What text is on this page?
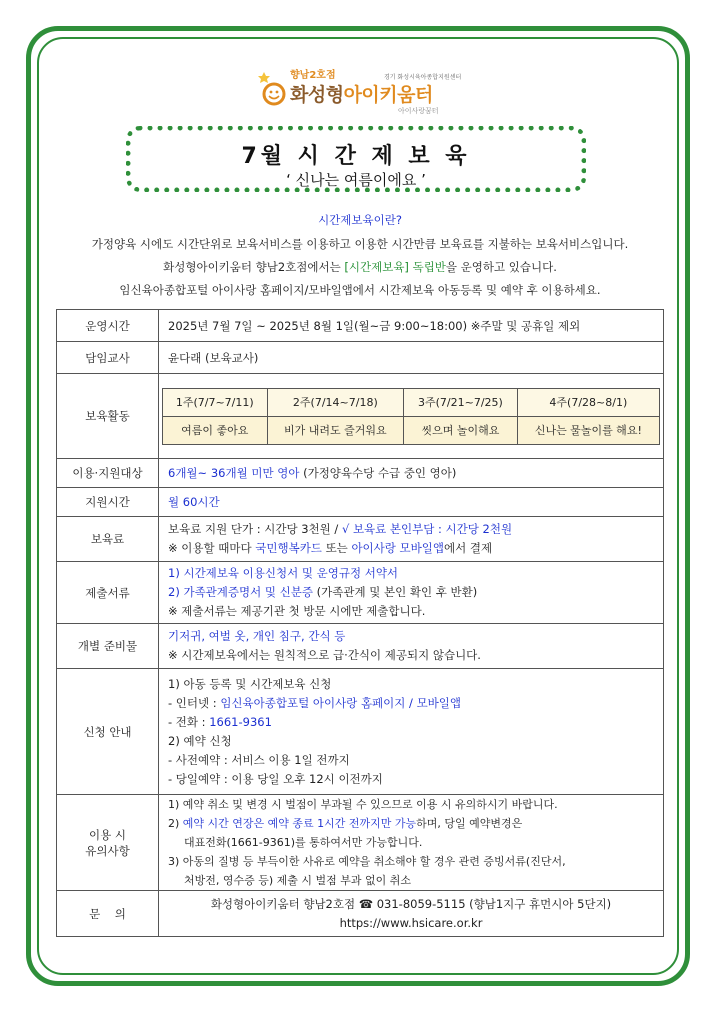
향남2호점
화성형아이키움터
아이사랑꿈터
경기 화성시육아종합지원센터
7월 시 간 제 보 육
‘ 신나는 여름이에요 ’
시간제보육이란?
가정양육 시에도 시간단위로 보육서비스를 이용하고 이용한 시간만큼 보육료를 지불하는 보육서비스입니다.
화성형아이키움터 향남2호점에서는 [시간제보육] 독립반을 운영하고 있습니다.
임신육아종합포털 아이사랑 홈페이지/모바일앱에서 시간제보육 아동등록 및 예약 후 이용하세요.
운영시간	2025년 7월 7일 ~ 2025년 8월 1일(월~금 9:00~18:00) ※주말 및 공휴일 제외
담임교사	윤다래 (보육교사)
보육활동	
1주(7/7~7/11)	2주(7/14~7/18)	3주(7/21~7/25)	4주(7/28~8/1)
여름이 좋아요	비가 내려도 즐거워요	씻으며 놀이해요	신나는 물놀이를 해요!

이용·지원대상	6개월~ 36개월 미만 영아 (가정양육수당 수급 중인 영아)
지원시간	월 60시간
보육료	
보육료 지원 단가 : 시간당 3천원 / √ 보육료 본인부담 : 시간당 2천원
※ 이용할 때마다 국민행복카드 또는 아이사랑 모바일앱에서 결제

제출서류	
1) 시간제보육 이용신청서 및 운영규정 서약서
2) 가족관계증명서 및 신분증 (가족관계 및 본인 확인 후 반환)
※ 제출서류는 제공기관 첫 방문 시에만 제출합니다.

개별 준비물	
기저귀, 여벌 옷, 개인 침구, 간식 등
※ 시간제보육에서는 원칙적으로 급·간식이 제공되지 않습니다.

신청 안내	
1) 아동 등록 및 시간제보육 신청
- 인터넷 : 임신육아종합포털 아이사랑 홈페이지 / 모바일앱
- 전화 : 1661-9361
2) 예약 신청
- 사전예약 : 서비스 이용 1일 전까지
- 당일예약 : 이용 당일 오후 12시 이전까지

이용 시
유의사항

1) 예약 취소 및 변경 시 벌점이 부과될 수 있으므로 이용 시 유의하시기 바랍니다.
2) 예약 시간 연장은 예약 종료 1시간 전까지만 가능하며, 당일 예약변경은
대표전화(1661-9361)를 통하여서만 가능합니다.
3) 아동의 질병 등 부득이한 사유로 예약을 취소해야 할 경우 관련 증빙서류(진단서,
처방전, 영수증 등) 제출 시 벌점 부과 없이 취소

문    의	
화성형아이키움터 향남2호점 ☎ 031-8059-5115 (향남1지구 휴먼시아 5단지)
https://www.hsicare.or.kr
